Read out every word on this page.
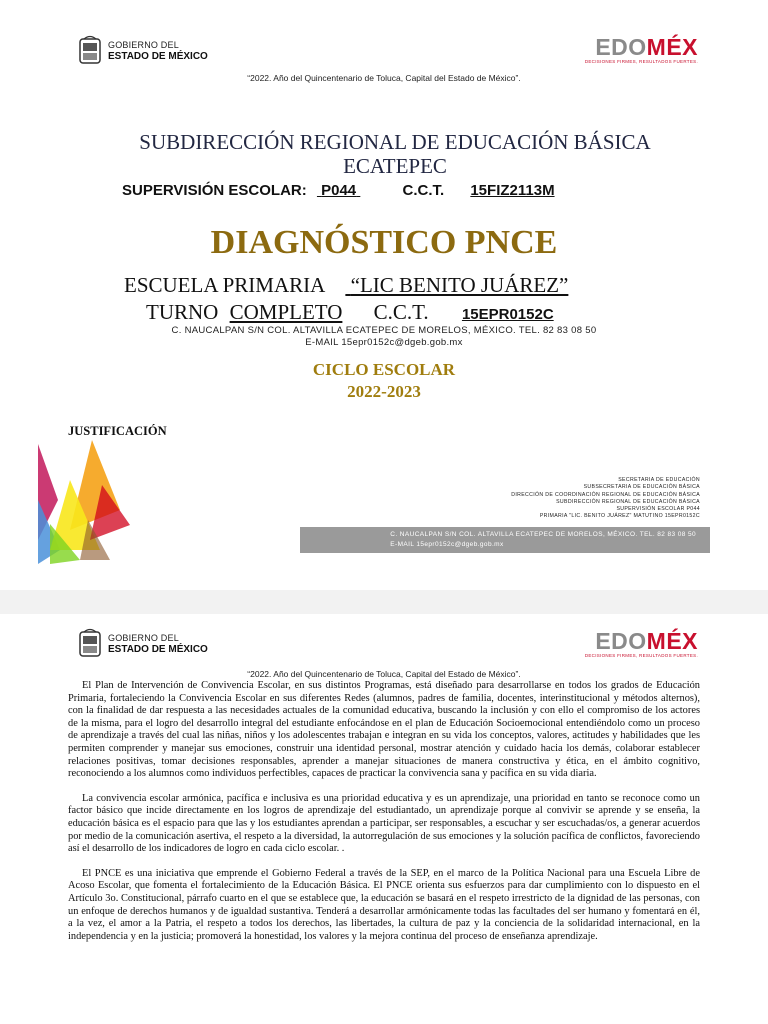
GOBIERNO DEL
ESTADO DE MÉXICO	EDOMÉX
DECISIONES FIRMES, RESULTADOS FUERTES.
“2022. Año del Quincentenario de Toluca, Capital del Estado de México”.
SUBDIRECCIÓN REGIONAL DE EDUCACIÓN BÁSICA
ECATEPEC
SUPERVISIÓN ESCOLAR: P044	C.C.T. 15FIZ2113M
DIAGNÓSTICO PNCE
ESCUELA PRIMARIA “LIC BENITO JUÁREZ”
TURNO COMPLETO C.C.T. 15EPR0152C
C. NAUCALPAN S/N COL. ALTAVILLA ECATEPEC DE MORELOS, MÉXICO. TEL. 82 83 08 50
E-MAIL 15epr0152c@dgeb.gob.mx
CICLO ESCOLAR
2022-2023
JUSTIFICACIÓN
SECRETARIA DE EDUCACIÓN
SUBSECRETARIA DE EDUCACIÓN BÁSICA
DIRECCIÓN DE COORDINACIÓN REGIONAL DE EDUCACIÓN BÁSICA
SUBDIRECCIÓN REGIONAL DE EDUCACIÓN BÁSICA
SUPERVISIÓN ESCOLAR P044
PRIMARIA "LIC. BENITO JUÁREZ" MATUTINO 15EPR0152C
C. NAUCALPAN S/N COL. ALTAVILLA ECATEPEC DE MORELOS, MÉXICO. TEL. 82 83 08 50
E-MAIL 15epr0152c@dgeb.gob.mx
GOBIERNO DEL
ESTADO DE MÉXICO	EDOMÉX
DECISIONES FIRMES, RESULTADOS FUERTES.
“2022. Año del Quincentenario de Toluca, Capital del Estado de México”.

El Plan de Intervención de Convivencia Escolar, en sus distintos Programas, está diseñado para desarrollarse en todos los grados de Educación Primaria, fortaleciendo la Convivencia Escolar en sus diferentes Redes (alumnos, padres de familia, docentes, interinstitucional y métodos alternos), con la finalidad de dar respuesta a las necesidades actuales de la comunidad educativa, buscando la inclusión y con ello el compromiso de los actores de la misma, para el logro del desarrollo integral del estudiante enfocándose en el plan de Educación Socioemocional entendiéndolo como un proceso de aprendizaje a través del cual las niñas, niños y los adolescentes trabajan e integran en su vida los conceptos, valores, actitudes y habilidades que les permiten comprender y manejar sus emociones, construir una identidad personal, mostrar atención y cuidado hacia los demás, colaborar establecer relaciones positivas, tomar decisiones responsables, aprender a manejar situaciones de manera constructiva y ética, en el ámbito cognitivo, reconociendo a los alumnos como individuos perfectibles, capaces de practicar la convivencia sana y pacífica en su vida diaria.

La convivencia escolar armónica, pacífica e inclusiva es una prioridad educativa y es un aprendizaje, una prioridad en tanto se reconoce como un factor básico que incide directamente en los logros de aprendizaje del estudiantado, un aprendizaje porque al convivir se aprende y se enseña, la educación básica es el espacio para que las y los estudiantes aprendan a participar, ser responsables, a escuchar y ser escuchadas/os, a generar acuerdos por medio de la comunicación asertiva, el respeto a la diversidad, la autorregulación de sus emociones y la solución pacífica de conflictos, favoreciendo así el desarrollo de los indicadores de logro en cada ciclo escolar. .

El PNCE es una iniciativa que emprende el Gobierno Federal a través de la SEP, en el marco de la Política Nacional para una Escuela Libre de Acoso Escolar, que fomenta el fortalecimiento de la Educación Básica. El PNCE orienta sus esfuerzos para dar cumplimiento con lo dispuesto en el Artículo 3o. Constitucional, párrafo cuarto en el que se establece que, la educación se basará en el respeto irrestricto de la dignidad de las personas, con un enfoque de derechos humanos y de igualdad sustantiva. Tenderá a desarrollar armónicamente todas las facultades del ser humano y fomentará en él, a la vez, el amor a la Patria, el respeto a todos los derechos, las libertades, la cultura de paz y la conciencia de la solidaridad internacional, en la independencia y en la justicia; promoverá la honestidad, los valores y la mejora continua del proceso de enseñanza aprendizaje.
